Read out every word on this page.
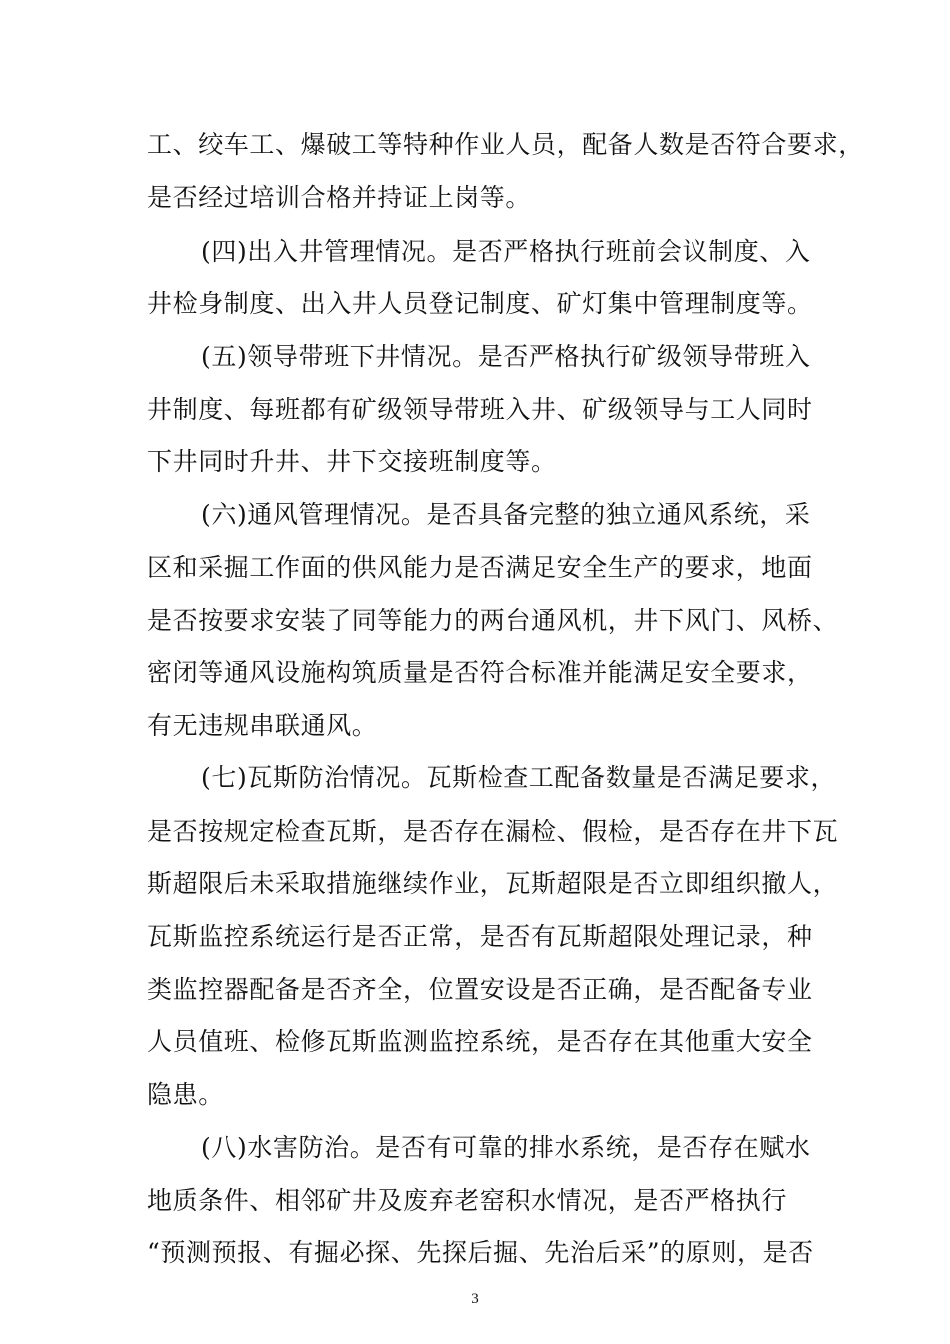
工、绞车工、爆破工等特种作业人员，配备人数是否符合要求，
是否经过培训合格并持证上岗等。
(四)出入井管理情况。是否严格执行班前会议制度、入
井检身制度、出入井人员登记制度、矿灯集中管理制度等。
(五)领导带班下井情况。是否严格执行矿级领导带班入
井制度、每班都有矿级领导带班入井、矿级领导与工人同时
下井同时升井、井下交接班制度等。
(六)通风管理情况。是否具备完整的独立通风系统，采
区和采掘工作面的供风能力是否满足安全生产的要求，地面
是否按要求安装了同等能力的两台通风机，井下风门、风桥、
密闭等通风设施构筑质量是否符合标准并能满足安全要求，
有无违规串联通风。
(七)瓦斯防治情况。瓦斯检查工配备数量是否满足要求，
是否按规定检查瓦斯，是否存在漏检、假检，是否存在井下瓦
斯超限后未采取措施继续作业，瓦斯超限是否立即组织撤人，
瓦斯监控系统运行是否正常，是否有瓦斯超限处理记录，种
类监控器配备是否齐全，位置安设是否正确，是否配备专业
人员值班、检修瓦斯监测监控系统，是否存在其他重大安全
隐患。
(八)水害防治。是否有可靠的排水系统，是否存在赋水
地质条件、相邻矿井及废弃老窑积水情况，是否严格执行
“预测预报、有掘必探、先探后掘、先治后采”的原则，是否
3
